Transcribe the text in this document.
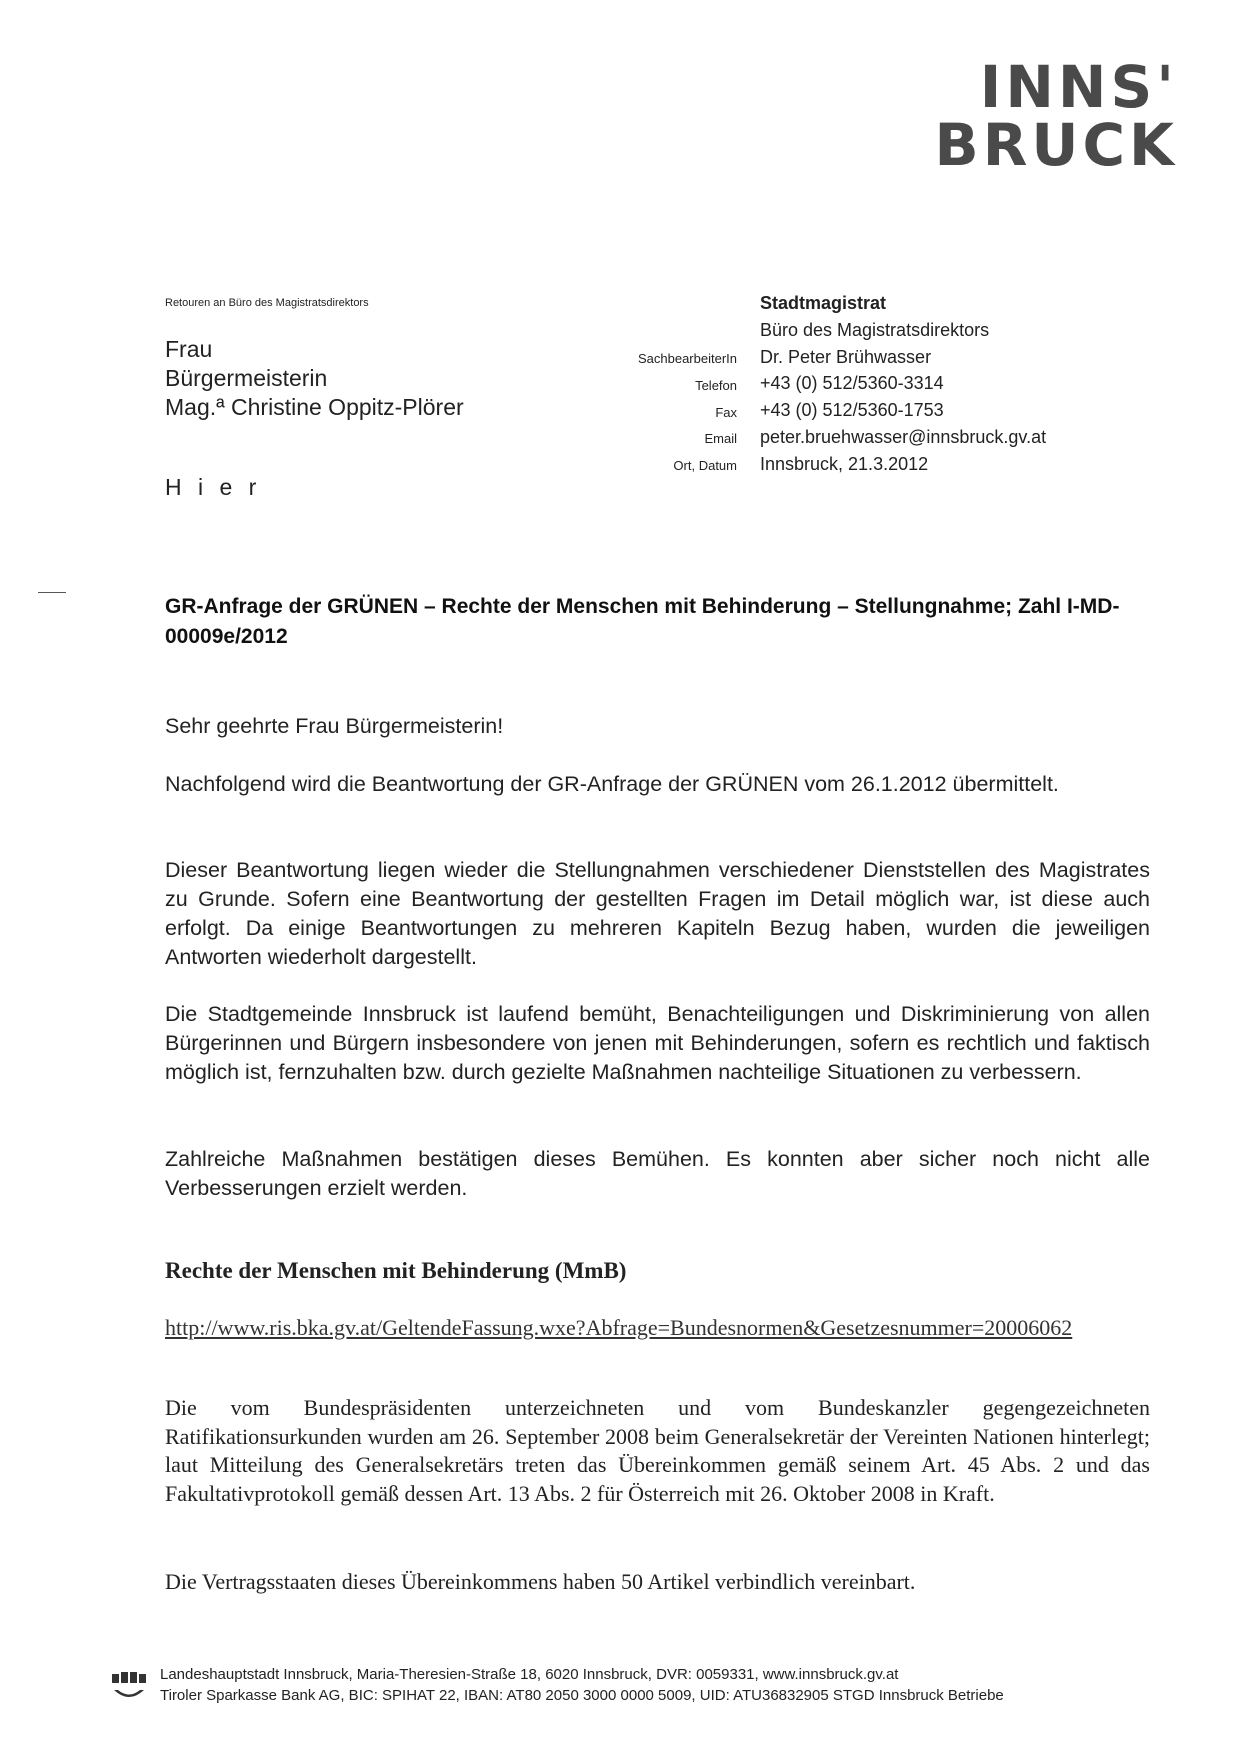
INNS'
BRUCK
Retouren an Büro des Magistratsdirektors
Frau
Bürgermeisterin
Mag.ª Christine Oppitz-Plörer
H i e r
SachbearbeiterIn
Telefon
Fax
Email
Ort, Datum
Stadtmagistrat
Büro des Magistratsdirektors
Dr. Peter Brühwasser
+43 (0) 512/5360-3314
+43 (0) 512/5360-1753
peter.bruehwasser@innsbruck.gv.at
Innsbruck, 21.3.2012
GR-Anfrage der GRÜNEN – Rechte der Menschen mit Behinderung – Stellungnahme; Zahl I-MD-00009e/2012
Sehr geehrte Frau Bürgermeisterin!

Nachfolgend wird die Beantwortung der GR-Anfrage der GRÜNEN vom 26.1.2012 übermittelt.

Dieser Beantwortung liegen wieder die Stellungnahmen verschiedener Dienststellen des Magistrates zu Grunde. Sofern eine Beantwortung der gestellten Fragen im Detail möglich war, ist diese auch erfolgt. Da einige Beantwortungen zu mehreren Kapiteln Bezug haben, wurden die jeweiligen Antworten wiederholt dargestellt.

Die Stadtgemeinde Innsbruck ist laufend bemüht, Benachteiligungen und Diskriminierung von allen Bürgerinnen und Bürgern insbesondere von jenen mit Behinderungen, sofern es rechtlich und faktisch möglich ist, fernzuhalten bzw. durch gezielte Maßnahmen nachteilige Situationen zu verbessern.

Zahlreiche Maßnahmen bestätigen dieses Bemühen. Es konnten aber sicher noch nicht alle Verbesserungen erzielt werden.

Rechte der Menschen mit Behinderung (MmB)
http://www.ris.bka.gv.at/GeltendeFassung.wxe?Abfrage=Bundesnormen&Gesetzesnummer=20006062

Die vom Bundespräsidenten unterzeichneten und vom Bundeskanzler gegengezeichneten Ratifikationsurkunden wurden am 26. September 2008 beim Generalsekretär der Vereinten Nationen hinterlegt; laut Mitteilung des Generalsekretärs treten das Übereinkommen gemäß seinem Art. 45 Abs. 2 und das Fakultativprotokoll gemäß dessen Art. 13 Abs. 2 für Österreich mit 26. Oktober 2008 in Kraft.

Die Vertragsstaaten dieses Übereinkommens haben 50 Artikel verbindlich vereinbart.

Landeshauptstadt Innsbruck, Maria-Theresien-Straße 18, 6020 Innsbruck, DVR: 0059331, www.innsbruck.gv.at
Tiroler Sparkasse Bank AG, BIC: SPIHAT 22, IBAN: AT80 2050 3000 0000 5009, UID: ATU36832905 STGD Innsbruck Betriebe
